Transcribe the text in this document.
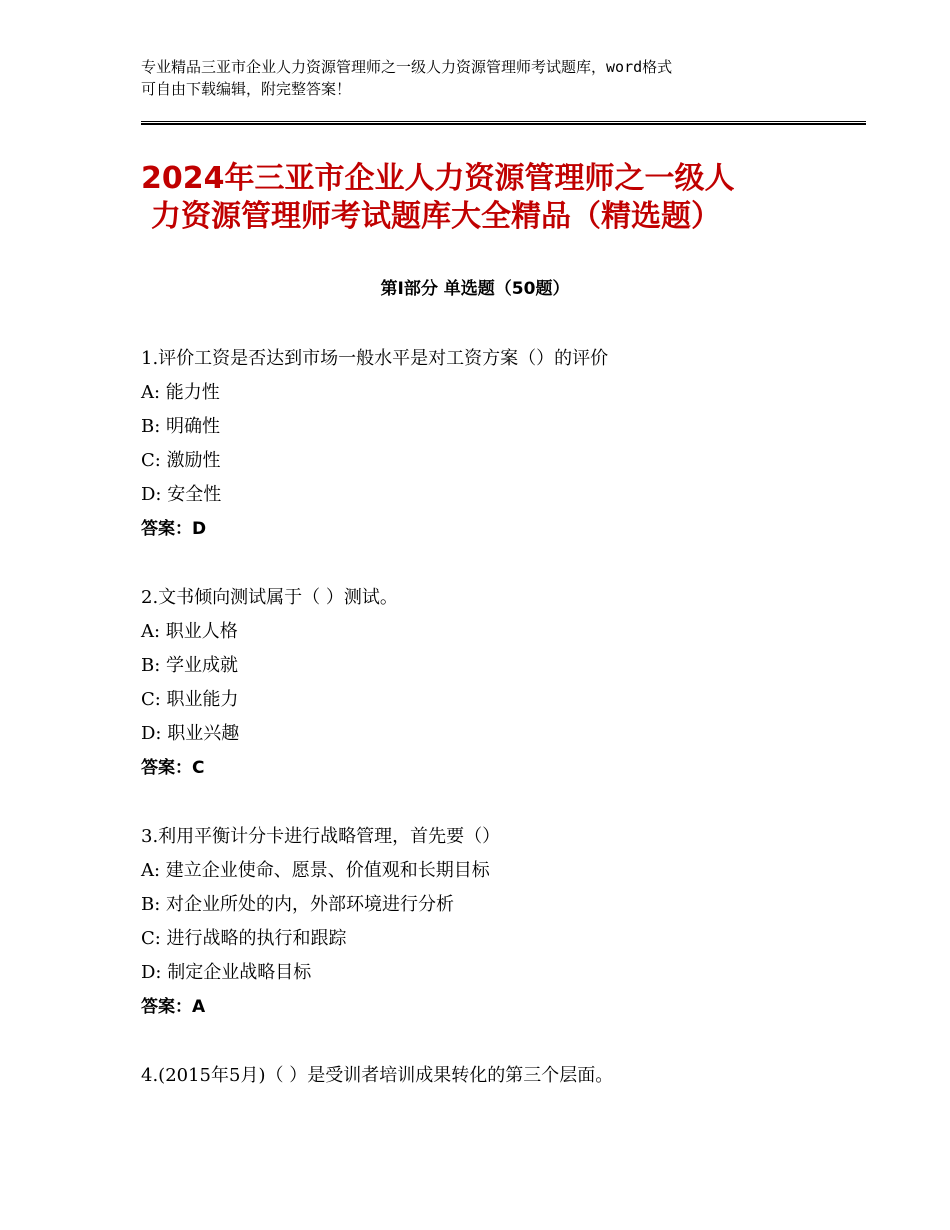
专业精品三亚市企业人力资源管理师之一级人力资源管理师考试题库，word格式
可自由下载编辑，附完整答案！
2024年三亚市企业人力资源管理师之一级人
力资源管理师考试题库大全精品（精选题）
第Ⅰ部分 单选题（50题）
1.评价工资是否达到市场一般水平是对工资方案（）的评价
A: 能力性
B: 明确性
C: 激励性
D: 安全性
答案：D
2.文书倾向测试属于（ ）测试。
A: 职业人格
B: 学业成就
C: 职业能力
D: 职业兴趣
答案：C
3.利用平衡计分卡进行战略管理，首先要（）
A: 建立企业使命、愿景、价值观和长期目标
B: 对企业所处的内，外部环境进行分析
C: 进行战略的执行和跟踪
D: 制定企业战略目标
答案：A
4.(2015年5月)（ ）是受训者培训成果转化的第三个层面。
